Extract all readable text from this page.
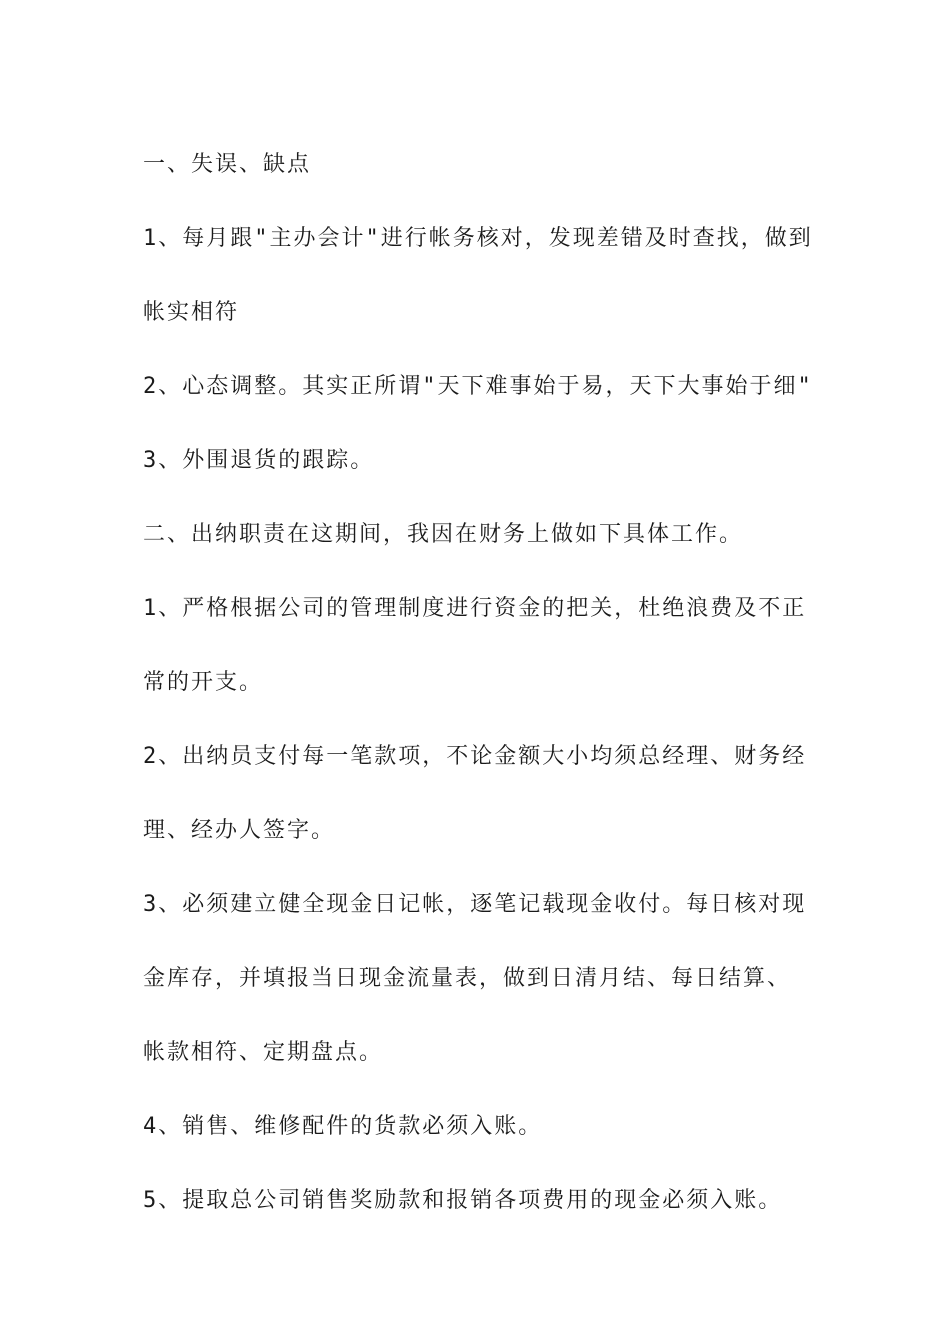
一、失误、缺点

1、每月跟"主办会计"进行帐务核对，发现差错及时查找，做到

帐实相符

2、心态调整。其实正所谓"天下难事始于易，天下大事始于细"

3、外围退货的跟踪。

二、出纳职责在这期间，我因在财务上做如下具体工作。

1、严格根据公司的管理制度进行资金的把关，杜绝浪费及不正

常的开支。

2、出纳员支付每一笔款项，不论金额大小均须总经理、财务经

理、经办人签字。

3、必须建立健全现金日记帐，逐笔记载现金收付。每日核对现

金库存，并填报当日现金流量表，做到日清月结、每日结算、

帐款相符、定期盘点。

4、销售、维修配件的货款必须入账。

5、提取总公司销售奖励款和报销各项费用的现金必须入账。
